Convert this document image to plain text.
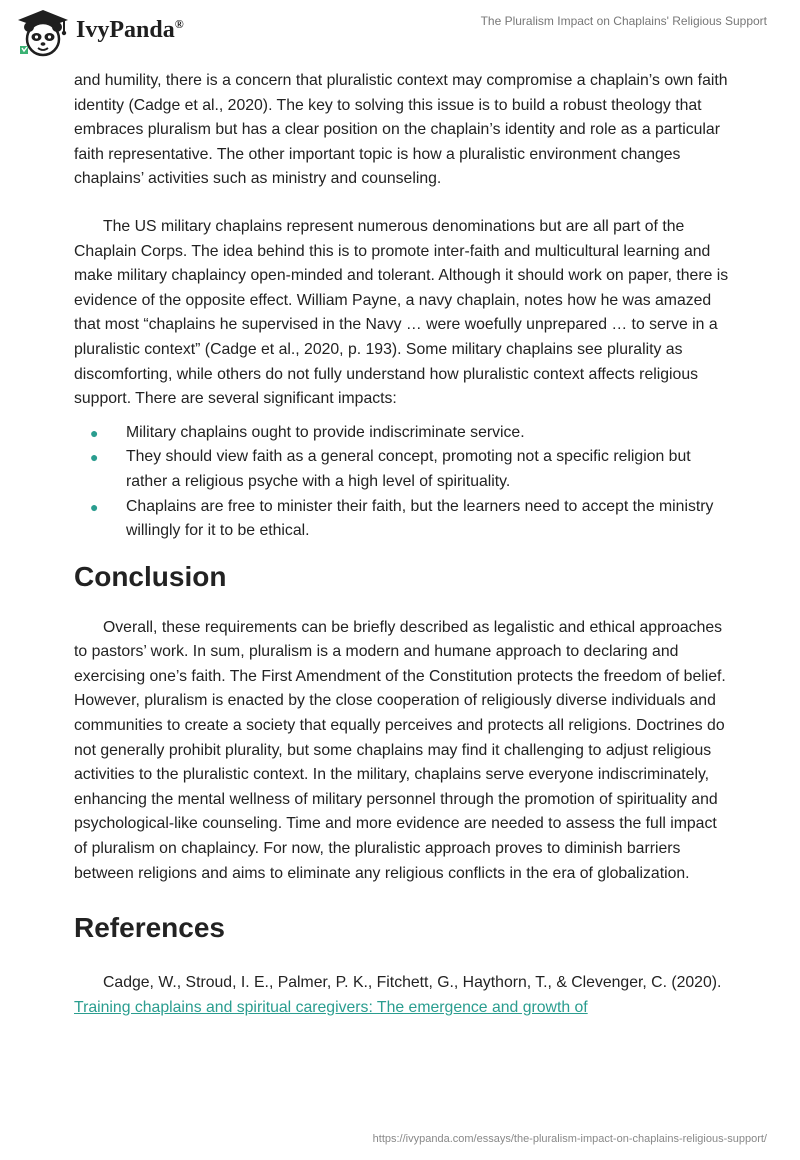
IvyPanda®	The Pluralism Impact on Chaplains' Religious Support

and humility, there is a concern that pluralistic context may compromise a chaplain’s own faith identity (Cadge et al., 2020). The key to solving this issue is to build a robust theology that embraces pluralism but has a clear position on the chaplain’s identity and role as a particular faith representative. The other important topic is how a pluralistic environment changes chaplains’ activities such as ministry and counseling.

The US military chaplains represent numerous denominations but are all part of the Chaplain Corps. The idea behind this is to promote inter-faith and multicultural learning and make military chaplaincy open-minded and tolerant. Although it should work on paper, there is evidence of the opposite effect. William Payne, a navy chaplain, notes how he was amazed that most “chaplains he supervised in the Navy … were woefully unprepared … to serve in a pluralistic context” (Cadge et al., 2020, p. 193). Some military chaplains see plurality as discomforting, while others do not fully understand how pluralistic context affects religious support. There are several significant impacts:

● Military chaplains ought to provide indiscriminate service.
● They should view faith as a general concept, promoting not a specific religion but rather a religious psyche with a high level of spirituality.
● Chaplains are free to minister their faith, but the learners need to accept the ministry willingly for it to be ethical.
Conclusion

Overall, these requirements can be briefly described as legalistic and ethical approaches to pastors’ work. In sum, pluralism is a modern and humane approach to declaring and exercising one’s faith. The First Amendment of the Constitution protects the freedom of belief. However, pluralism is enacted by the close cooperation of religiously diverse individuals and communities to create a society that equally perceives and protects all religions. Doctrines do not generally prohibit plurality, but some chaplains may find it challenging to adjust religious activities to the pluralistic context. In the military, chaplains serve everyone indiscriminately, enhancing the mental wellness of military personnel through the promotion of spirituality and psychological-like counseling. Time and more evidence are needed to assess the full impact of pluralism on chaplaincy. For now, the pluralistic approach proves to diminish barriers between religions and aims to eliminate any religious conflicts in the era of globalization.

References

Cadge, W., Stroud, I. E., Palmer, P. K., Fitchett, G., Haythorn, T., & Clevenger, C. (2020). Training chaplains and spiritual caregivers: The emergence and growth of

https://ivypanda.com/essays/the-pluralism-impact-on-chaplains-religious-support/
